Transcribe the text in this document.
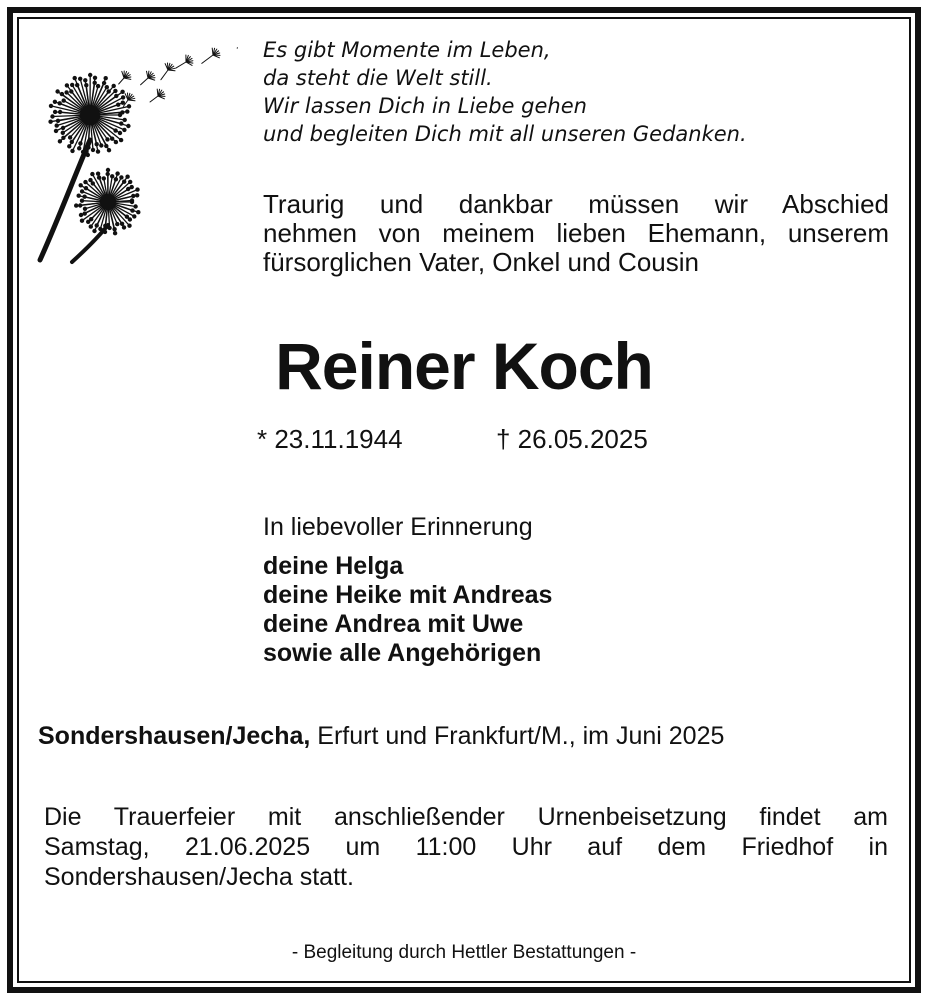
Es gibt Momente im Leben,
da steht die Welt still.
Wir lassen Dich in Liebe gehen
und begleiten Dich mit all unseren Gedanken.
Traurig und dankbar müssen wir Abschied
nehmen von meinem lieben Ehemann, unserem
fürsorglichen Vater, Onkel und Cousin
Reiner Koch
* 23.11.1944	† 26.05.2025
In liebevoller Erinnerung
deine Helga
deine Heike mit Andreas
deine Andrea mit Uwe
sowie alle Angehörigen
Sondershausen/Jecha, Erfurt und Frankfurt/M., im Juni 2025
Die Trauerfeier mit anschließender Urnenbeisetzung findet am
Samstag, 21.06.2025 um 11:00 Uhr auf dem Friedhof in
Sondershausen/Jecha statt.
- Begleitung durch Hettler Bestattungen -
